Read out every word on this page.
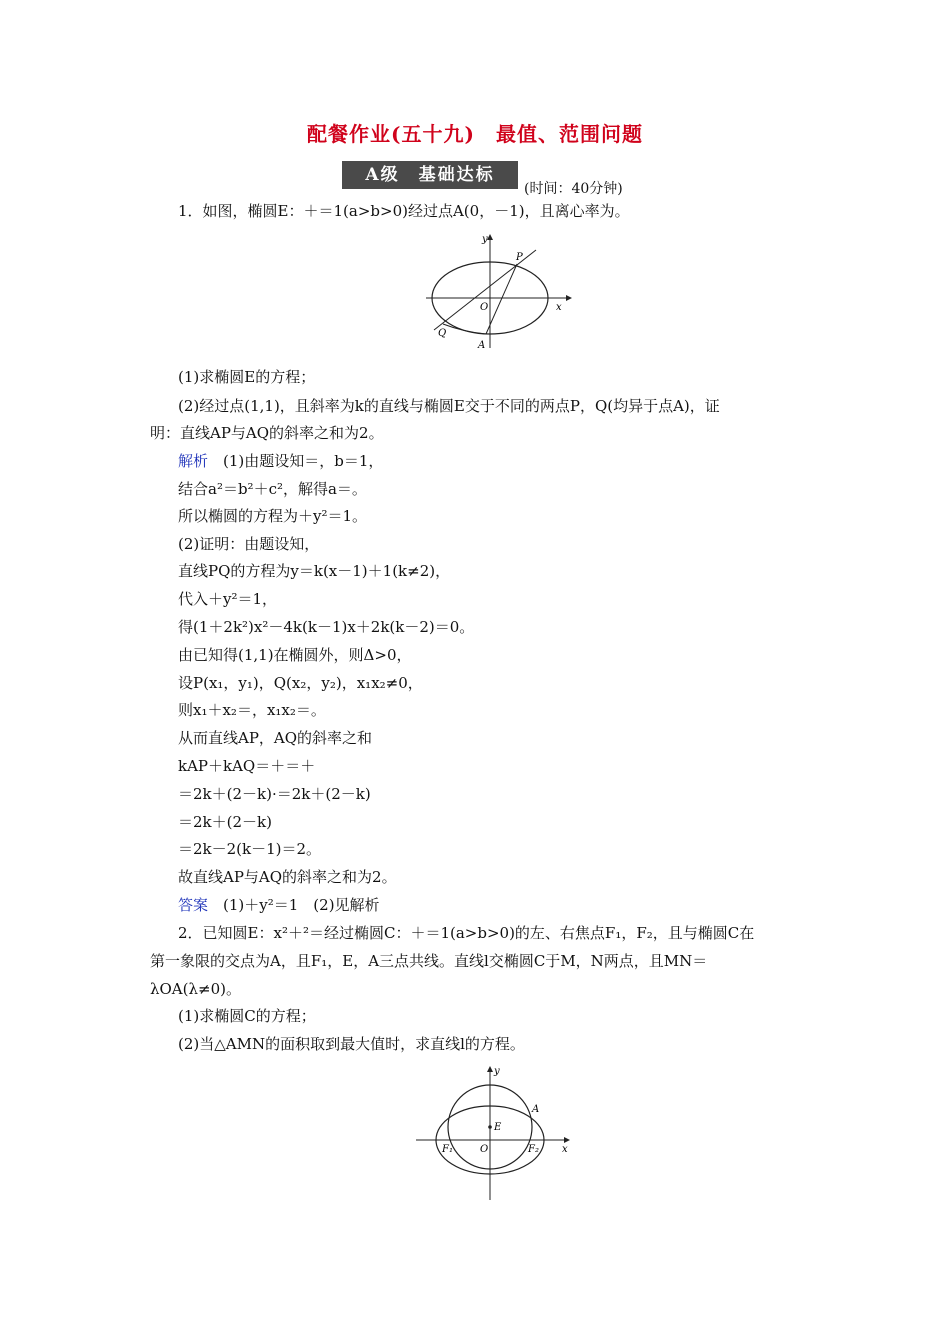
配餐作业(五十九)　最值、范围问题
A级　基础达标
(时间：40分钟)
1．如图，椭圆E：＋＝1(a>b>0)经过点A(0，－1)，且离心率为。
y
x
O
P
Q
A
(1)求椭圆E的方程；
(2)经过点(1,1)，且斜率为k的直线与椭圆E交于不同的两点P，Q(均异于点A)，证
明：直线AP与AQ的斜率之和为2。
解析　(1)由题设知＝，b＝1，
结合a²＝b²＋c²，解得a＝。
所以椭圆的方程为＋y²＝1。
(2)证明：由题设知，
直线PQ的方程为y＝k(x－1)＋1(k≠2)，
代入＋y²＝1，
得(1＋2k²)x²－4k(k－1)x＋2k(k－2)＝0。
由已知得(1,1)在椭圆外，则Δ>0，
设P(x₁，y₁)，Q(x₂，y₂)，x₁x₂≠0，
则x₁＋x₂＝，x₁x₂＝。
从而直线AP，AQ的斜率之和
kAP＋kAQ＝＋＝＋
＝2k＋(2－k)·＝2k＋(2－k)
＝2k＋(2－k)
＝2k－2(k－1)＝2。
故直线AP与AQ的斜率之和为2。
答案　(1)＋y²＝1　(2)见解析
2．已知圆E：x²＋²＝经过椭圆C：＋＝1(a>b>0)的左、右焦点F₁，F₂，且与椭圆C在
第一象限的交点为A，且F₁，E，A三点共线。直线l交椭圆C于M，N两点，且MN＝
λOA(λ≠0)。
(1)求椭圆C的方程；
(2)当△AMN的面积取到最大值时，求直线l的方程。
y
x
O
E
A
F₁	F₂
